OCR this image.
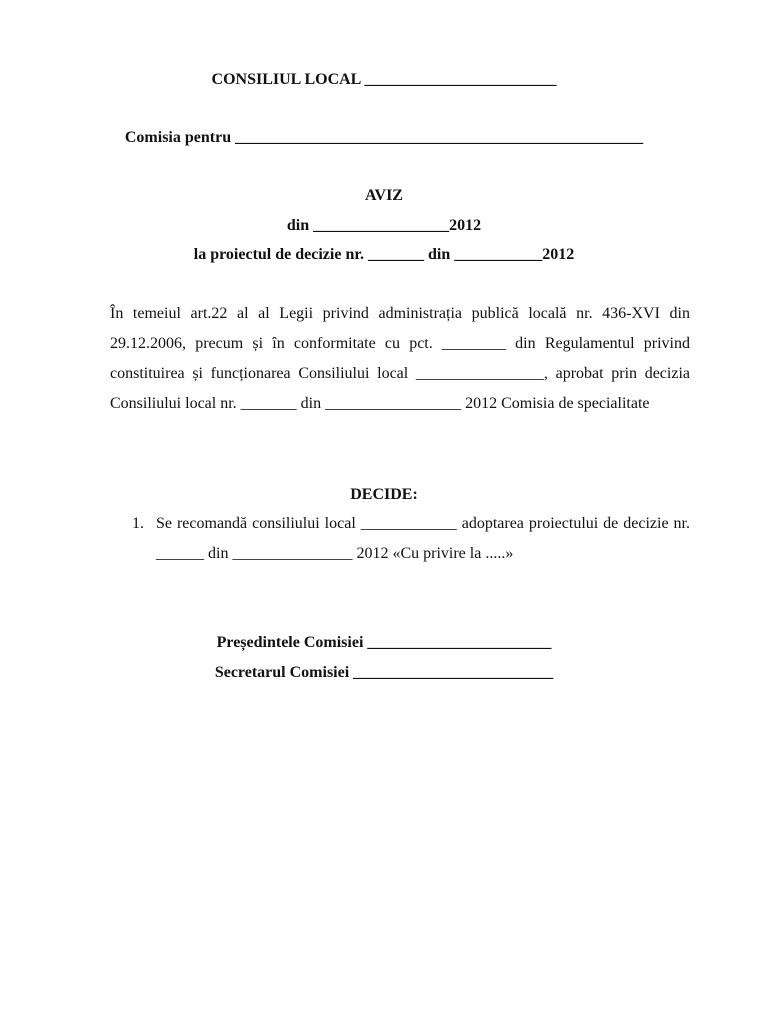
CONSILIUL LOCAL ________________________
Comisia pentru ___________________________________________________
AVIZ
din _________________2012
la proiectul de decizie nr. _______ din ___________2012
În temeiul art.22 al al Legii privind administrația publică locală nr. 436-XVI din 29.12.2006, precum și în conformitate cu pct. ________ din Regulamentul privind constituirea și funcționarea Consiliului local ________________, aprobat prin decizia Consiliului local nr. _______ din _________________ 2012 Comisia de specialitate
DECIDE:
1. Se recomandă consiliului local ____________ adoptarea proiectului de decizie nr. ______ din _______________ 2012 «Cu privire la .....»
Președintele Comisiei _______________________
Secretarul Comisiei _________________________
